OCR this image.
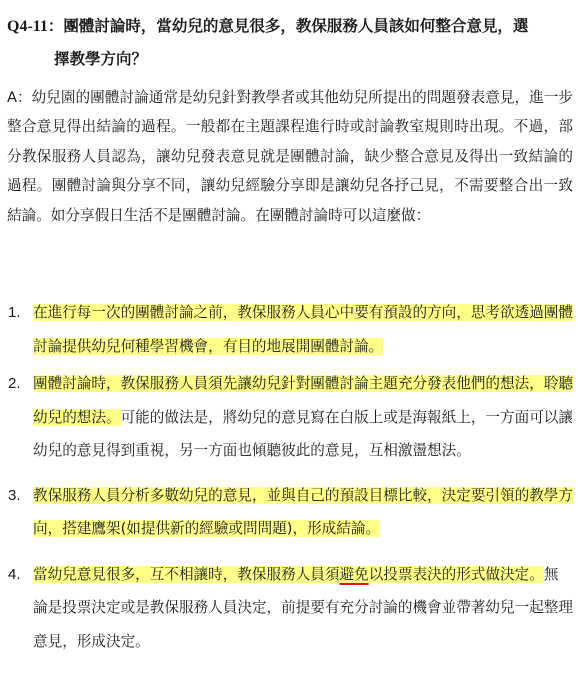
Q4-11：團體討論時，當幼兒的意見很多，教保服務人員該如何整合意見，選
擇教學方向？
A：幼兒園的團體討論通常是幼兒針對教學者或其他幼兒所提出的問題發表意見，進一步整合意見得出結論的過程。一般都在主題課程進行時或討論教室規則時出現。不過，部分教保服務人員認為，讓幼兒發表意見就是團體討論，缺少整合意見及得出一致結論的過程。團體討論與分享不同，讓幼兒經驗分享即是讓幼兒各抒己見，不需要整合出一致結論。如分享假日生活不是團體討論。在團體討論時可以這麼做：
1. 在進行每一次的團體討論之前，教保服務人員心中要有預設的方向，思考欲透過團體討論提供幼兒何種學習機會，有目的地展開團體討論。
2. 團體討論時，教保服務人員須先讓幼兒針對團體討論主題充分發表他們的想法，聆聽幼兒的想法。可能的做法是，將幼兒的意見寫在白版上或是海報紙上，一方面可以讓幼兒的意見得到重視，另一方面也傾聽彼此的意見，互相激盪想法。
3. 教保服務人員分析多數幼兒的意見，並與自己的預設目標比較，決定要引領的教學方向，搭建鷹架(如提供新的經驗或問問題)，形成結論。
4. 當幼兒意見很多，互不相讓時，教保服務人員須避免以投票表決的形式做決定。無論是投票決定或是教保服務人員決定，前提要有充分討論的機會並帶著幼兒一起整理意見，形成決定。
